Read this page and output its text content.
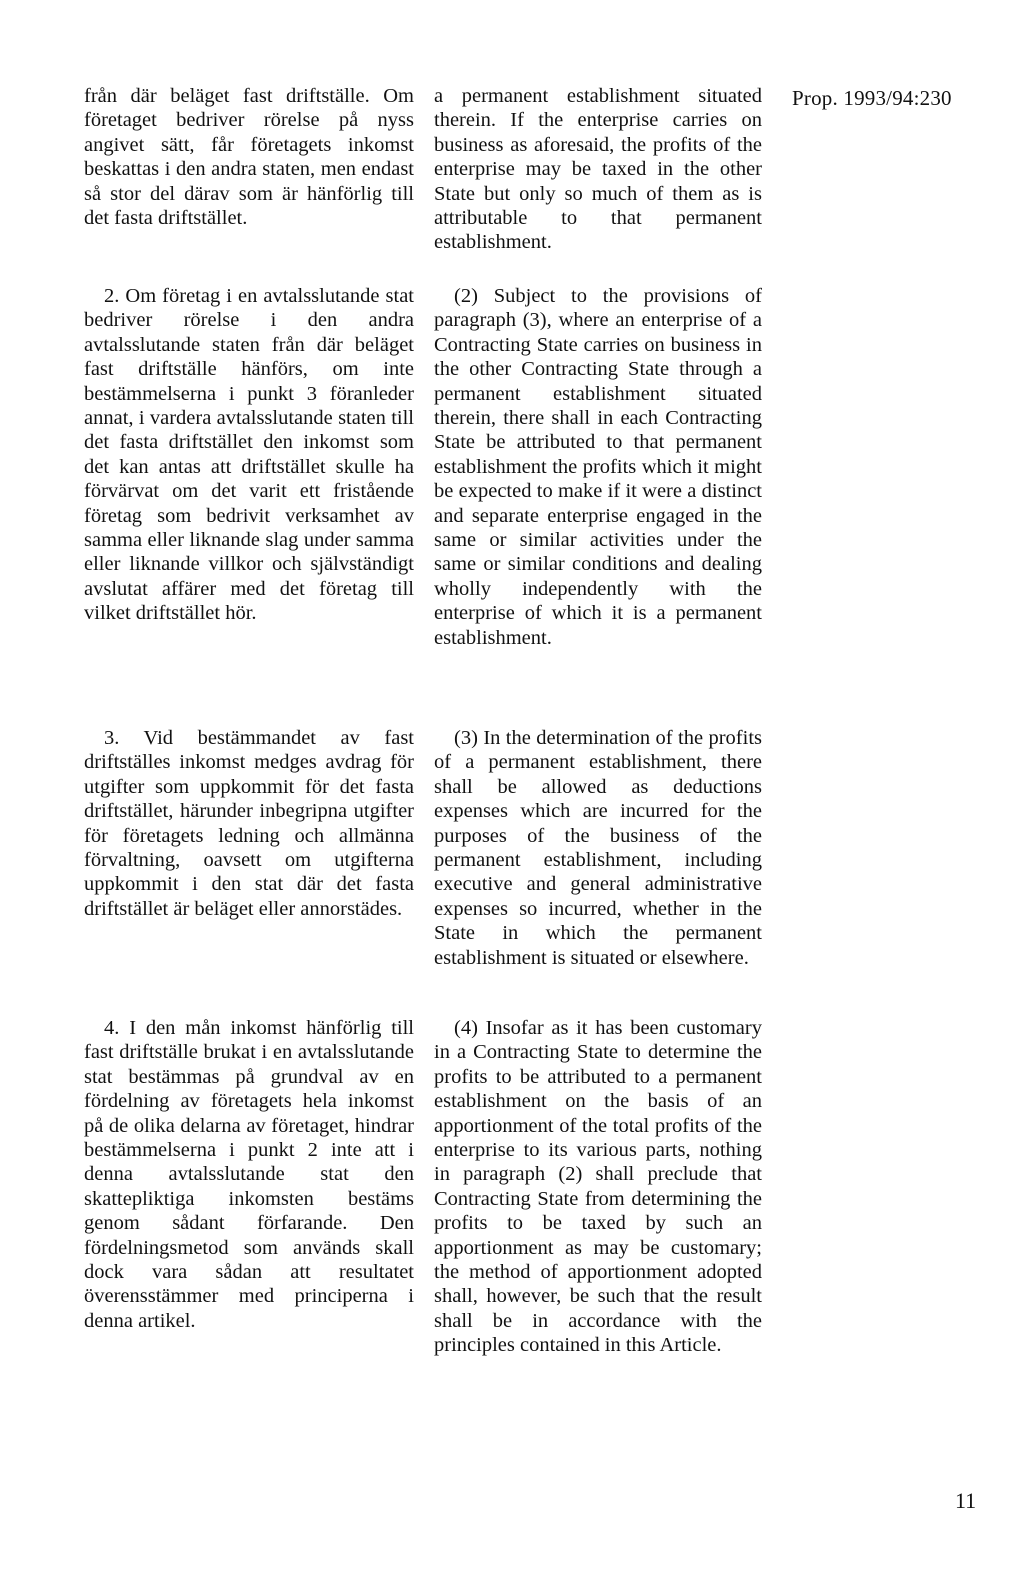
Prop. 1993/94:230

från där beläget fast driftställe. Om företaget bedriver rörelse på nyss angivet sätt, får företagets inkomst beskattas i den andra staten, men endast så stor del därav som är hänförlig till det fasta driftstället.

2. Om företag i en avtalsslutande stat bedriver rörelse i den andra avtalsslutande staten från där beläget fast driftställe hänförs, om inte bestämmelserna i punkt 3 föranleder annat, i vardera avtalsslutande staten till det fasta driftstället den inkomst som det kan antas att driftstället skulle ha förvärvat om det varit ett fristående företag som bedrivit verksamhet av samma eller liknande slag under samma eller liknande villkor och självständigt avslutat affärer med det företag till vilket driftstället hör.

3. Vid bestämmandet av fast driftställes inkomst medges avdrag för utgifter som uppkommit för det fasta driftstället, härunder inbegripna utgifter för företagets ledning och allmänna förvaltning, oavsett om utgifterna uppkommit i den stat där det fasta driftstället är beläget eller annorstädes.

4. I den mån inkomst hänförlig till fast driftställe brukat i en avtalsslutande stat bestämmas på grundval av en fördelning av företagets hela inkomst på de olika delarna av företaget, hindrar bestämmelserna i punkt 2 inte att i denna avtalsslutande stat den skattepliktiga inkomsten bestäms genom sådant förfarande. Den fördelningsmetod som används skall dock vara sådan att resultatet överensstämmer med principerna i denna artikel.

a permanent establishment situated therein. If the enterprise carries on business as aforesaid, the profits of the enterprise may be taxed in the other State but only so much of them as is attributable to that permanent establishment.

(2) Subject to the provisions of paragraph (3), where an enterprise of a Contracting State carries on business in the other Contracting State through a permanent establishment situated therein, there shall in each Contracting State be attributed to that permanent establishment the profits which it might be expected to make if it were a distinct and separate enterprise engaged in the same or similar activities under the same or similar conditions and dealing wholly independently with the enterprise of which it is a permanent establishment.

(3) In the determination of the profits of a permanent establishment, there shall be allowed as deductions expenses which are incurred for the purposes of the business of the permanent establishment, including executive and general administrative expenses so incurred, whether in the State in which the permanent establishment is situated or elsewhere.

(4) Insofar as it has been customary in a Contracting State to determine the profits to be attributed to a permanent establishment on the basis of an apportionment of the total profits of the enterprise to its various parts, nothing in paragraph (2) shall preclude that Contracting State from determining the profits to be taxed by such an apportionment as may be customary; the method of apportionment adopted shall, however, be such that the result shall be in accordance with the principles contained in this Article.

11
